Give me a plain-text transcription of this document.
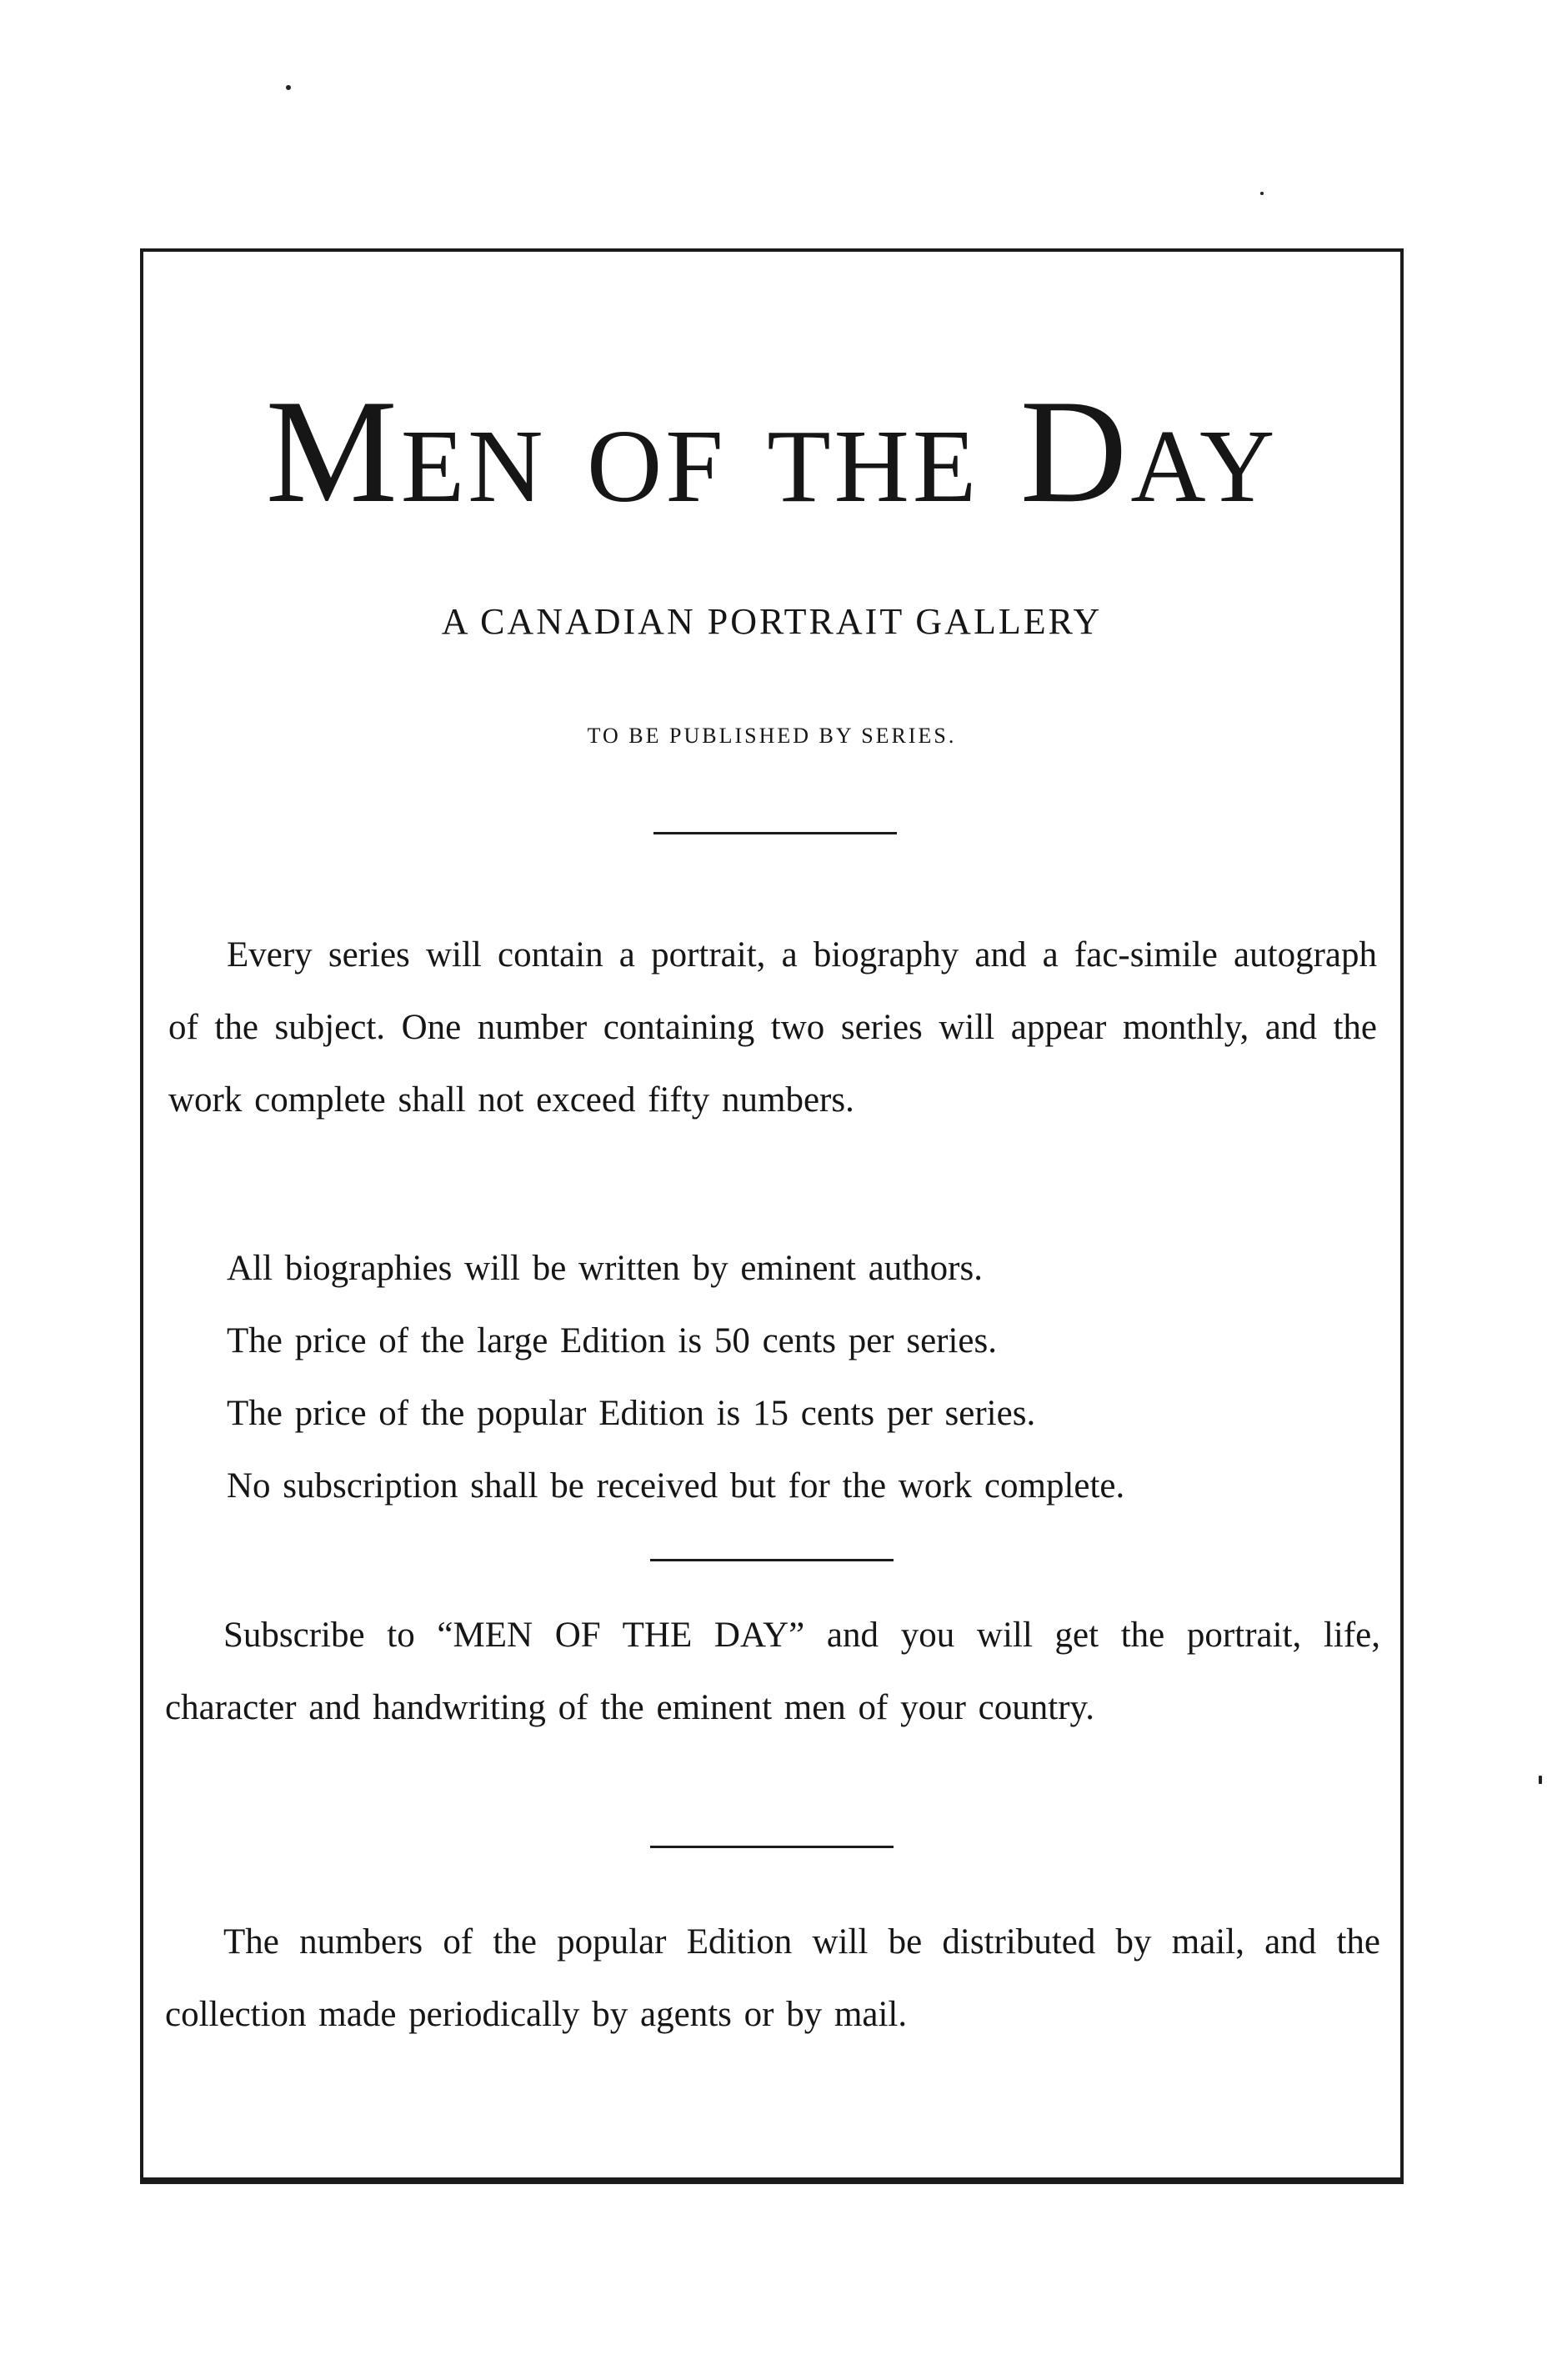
Men of the Day
A CANADIAN PORTRAIT GALLERY
TO BE PUBLISHED BY SERIES.

Every series will contain a portrait, a biography and a fac-simile autograph of the subject. One number containing two series will appear monthly, and the work complete shall not exceed fifty numbers.

All biographies will be written by eminent authors.
The price of the large Edition is 50 cents per series.
The price of the popular Edition is 15 cents per series.
No subscription shall be received but for the work complete.

Subscribe to “MEN OF THE DAY” and you will get the portrait, life, character and handwriting of the eminent men of your country.

The numbers of the popular Edition will be distributed by mail, and the collection made periodically by agents or by mail.
